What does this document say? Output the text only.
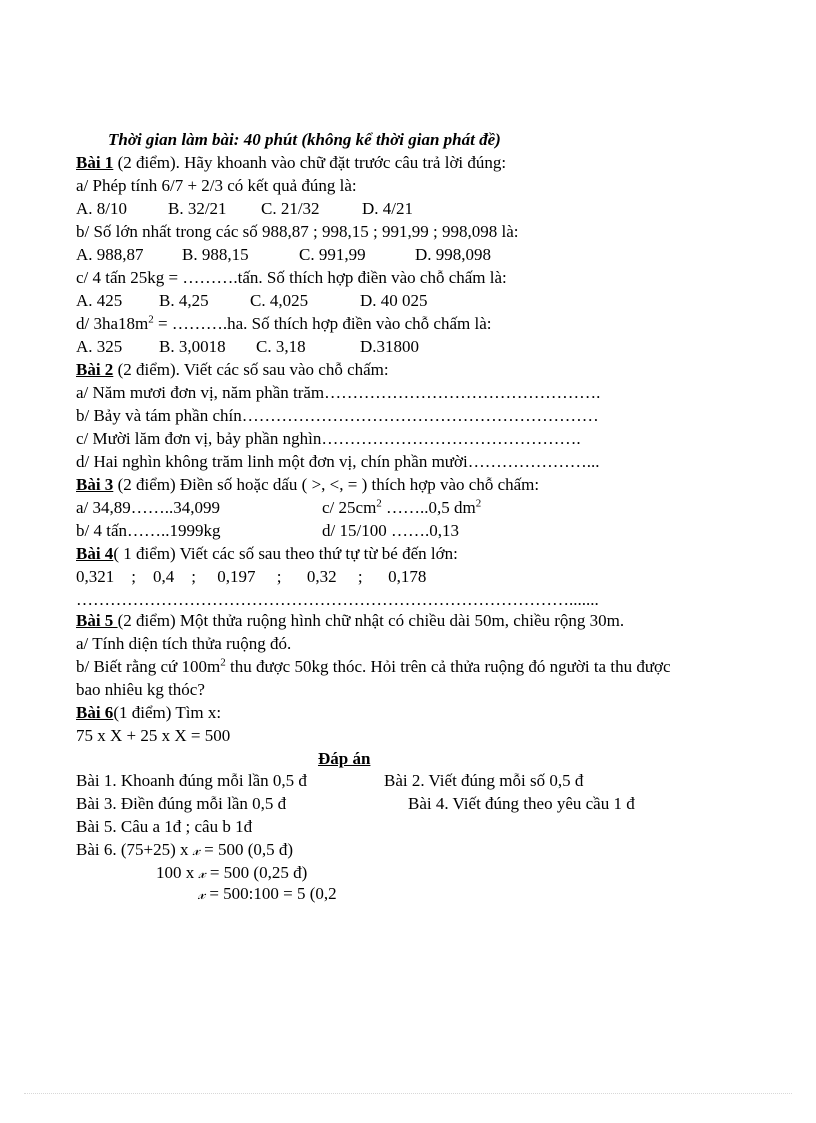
Thời gian làm bài: 40 phút (không kể thời gian phát đề)
Bài 1 (2 điểm). Hãy khoanh vào chữ đặt trước câu trả lời đúng:
a/ Phép tính 6/7 + 2/3 có kết quả đúng là:
A. 8/10 B. 32/21 C. 21/32 D. 4/21
b/ Số lớn nhất trong các số 988,87 ; 998,15 ; 991,99 ; 998,098 là:
A. 988,87 B. 988,15	C. 991,99	D. 998,098
c/ 4 tấn 25kg = ……….tấn. Số thích hợp điền vào chỗ chấm là:
A. 425 B. 4,25 C. 4,025	D. 40 025
d/ $3ha18m^2$ = ……….ha. Số thích hợp điền vào chỗ chấm là:
A. 325 B. 3,0018 C. 3,18	D.31800
Bài 2 (2 điểm). Viết các số sau vào chỗ chấm:
a/ Năm mươi đơn vị, năm phần trăm………………………………………….
b/ Bảy và tám phần chín………………………………………………………
c/ Mười lăm đơn vị, bảy phần nghìn……………………………………….
d/ Hai nghìn không trăm linh một đơn vị, chín phần mười…………………...
Bài 3 (2 điểm) Điền số hoặc dấu ( >, <, = ) thích hợp vào chỗ chấm:
a/ 34,89……..34,099	c/ $25cm^2$ ……..0,5 $dm^2$
b/ 4 tấn……..1999kg	d/ 15/100 …….0,13
Bài 4( 1 điểm) Viết các số sau theo thứ tự từ bé đến lớn:
0,321    ;    0,4    ;     0,197     ;      0,32     ;      0,178
…………………………………………………………………………….......
Bài 5 (2 điểm) Một thửa ruộng hình chữ nhật có chiều dài 50m, chiều rộng 30m.
a/ Tính diện tích thửa ruộng đó.
b/ Biết rằng cứ $100m^2$ thu được 50kg thóc. Hỏi trên cả thửa ruộng đó người ta thu được
bao nhiêu kg thóc?
Bài 6(1 điểm) Tìm x:
75 x X + 25 x X = 500
Đáp án
Bài 1. Khoanh đúng mỗi lần 0,5 đ	Bài 2. Viết đúng mỗi số 0,5 đ
Bài 3. Điền đúng mỗi lần 0,5 đ	Bài 4. Viết đúng theo yêu cầu 1 đ
Bài 5. Câu a 1đ ; câu b 1đ
Bài 6. (75+25) x 𝓍 = 500 (0,5 đ)
100 x 𝓍 = 500 (0,25 đ)
𝓍 = 500:100 = 5 (0,2
